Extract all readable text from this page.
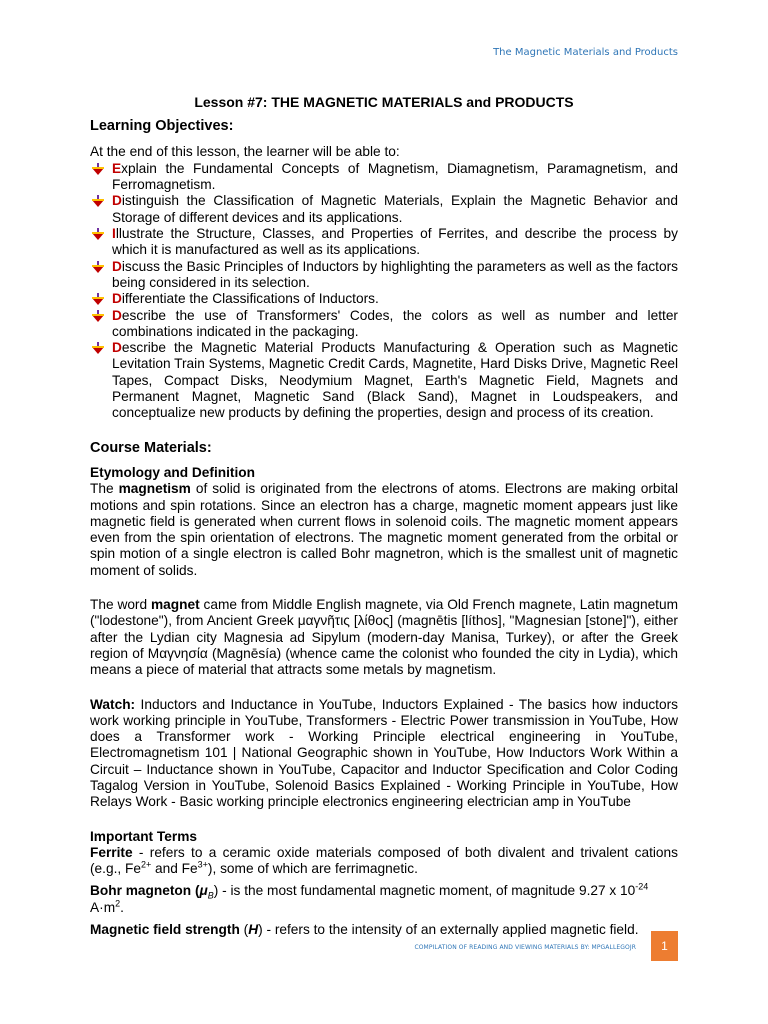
The Magnetic Materials and Products
Lesson #7: THE MAGNETIC MATERIALS and PRODUCTS
Learning Objectives:

At the end of this lesson, the learner will be able to:

Explain the Fundamental Concepts of Magnetism, Diamagnetism, Paramagnetism, and Ferromagnetism.
Distinguish the Classification of Magnetic Materials, Explain the Magnetic Behavior and Storage of different devices and its applications.
Illustrate the Structure, Classes, and Properties of Ferrites, and describe the process by which it is manufactured as well as its applications.
Discuss the Basic Principles of Inductors by highlighting the parameters as well as the factors being considered in its selection.
Differentiate the Classifications of Inductors.
Describe the use of Transformers' Codes, the colors as well as number and letter combinations indicated in the packaging.
Describe the Magnetic Material Products Manufacturing & Operation such as Magnetic Levitation Train Systems, Magnetic Credit Cards, Magnetite, Hard Disks Drive, Magnetic Reel Tapes, Compact Disks, Neodymium Magnet, Earth's Magnetic Field, Magnets and Permanent Magnet, Magnetic Sand (Black Sand), Magnet in Loudspeakers, and conceptualize new products by defining the properties, design and process of its creation.
Course Materials:

Etymology and Definition

The magnetism of solid is originated from the electrons of atoms. Electrons are making orbital motions and spin rotations. Since an electron has a charge, magnetic moment appears just like magnetic field is generated when current flows in solenoid coils. The magnetic moment appears even from the spin orientation of electrons. The magnetic moment generated from the orbital or spin motion of a single electron is called Bohr magnetron, which is the smallest unit of magnetic moment of solids.

The word magnet came from Middle English magnete, via Old French magnete, Latin magnetum ("lodestone"), from Ancient Greek μαγνῆτις [λίθος] (magnētis [líthos], "Magnesian [stone]"), either after the Lydian city Magnesia ad Sipylum (modern-day Manisa, Turkey), or after the Greek region of Μαγνησία (Magnēsía) (whence came the colonist who founded the city in Lydia), which means a piece of material that attracts some metals by magnetism.

Watch: Inductors and Inductance in YouTube, Inductors Explained - The basics how inductors work working principle in YouTube, Transformers - Electric Power transmission in YouTube, How does a Transformer work - Working Principle electrical engineering in YouTube, Electromagnetism 101 | National Geographic shown in YouTube, How Inductors Work Within a Circuit – Inductance shown in YouTube, Capacitor and Inductor Specification and Color Coding Tagalog Version in YouTube, Solenoid Basics Explained - Working Principle in YouTube, How Relays Work - Basic working principle electronics engineering electrician amp in YouTube

Important Terms

Ferrite - refers to a ceramic oxide materials composed of both divalent and trivalent cations (e.g., $Fe^{2+}$ and $Fe^{3+}$), some of which are ferrimagnetic.

Bohr magneton $(\mu_B)$ - is the most fundamental magnetic moment, of magnitude 9.27 x $10^{-24}$ $A\cdot m^2$.

Magnetic field strength (H) - refers to the intensity of an externally applied magnetic field.

COMPILATION OF READING AND VIEWING MATERIALS BY: MPGALLEGOJR	1
